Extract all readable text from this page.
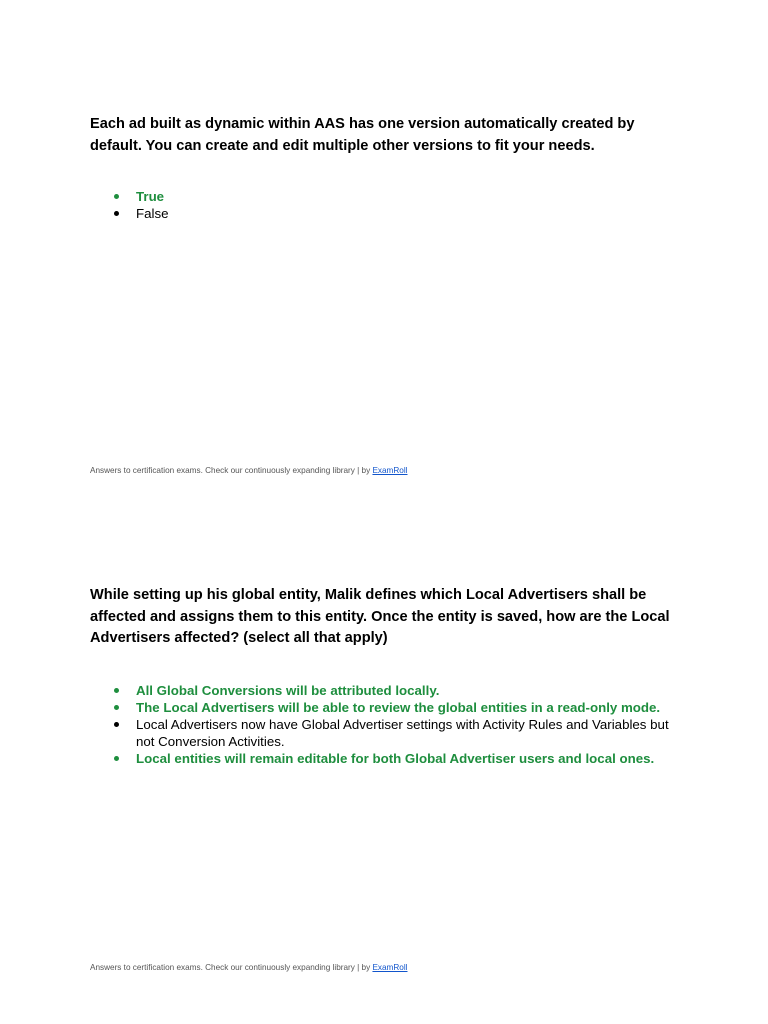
Each ad built as dynamic within AAS has one version automatically created by default. You can create and edit multiple other versions to fit your needs.

True
False
Answers to certification exams. Check our continuously expanding library | by ExamRoll

While setting up his global entity, Malik defines which Local Advertisers shall be affected and assigns them to this entity. Once the entity is saved, how are the Local Advertisers affected? (select all that apply)

All Global Conversions will be attributed locally.
The Local Advertisers will be able to review the global entities in a read-only mode.
Local Advertisers now have Global Advertiser settings with Activity Rules and Variables but not Conversion Activities.
Local entities will remain editable for both Global Advertiser users and local ones.
Answers to certification exams. Check our continuously expanding library | by ExamRoll
